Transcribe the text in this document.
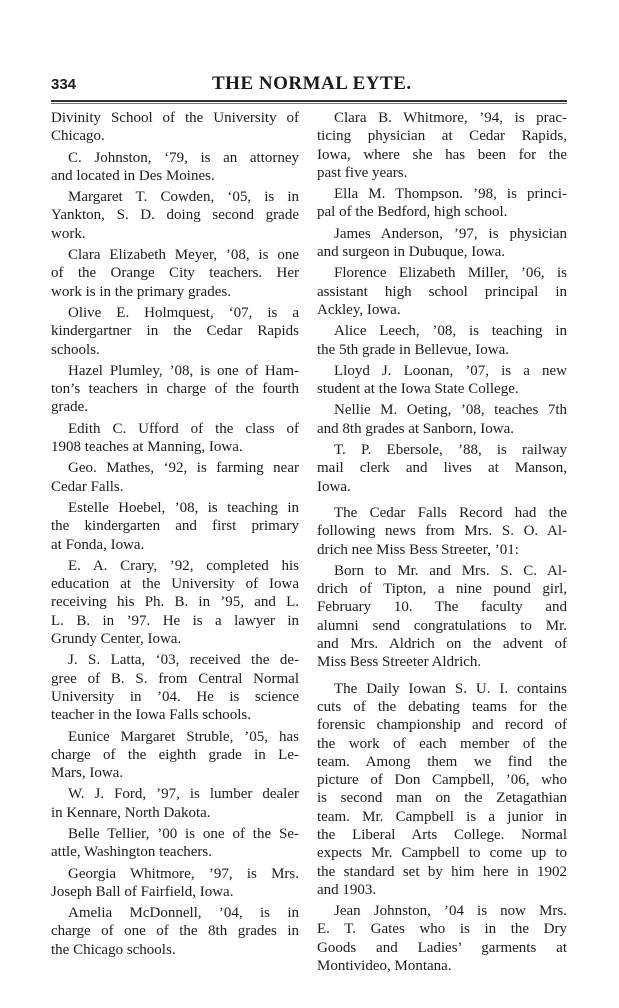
334	THE NORMAL EYTE.
Divinity School of the University of
Chicago.
C. Johnston, ‘79, is an attorney
and located in Des Moines.
Margaret T. Cowden, ‘05, is in
Yankton, S. D. doing second grade
work.
Clara Elizabeth Meyer, ’08, is one
of the Orange City teachers. Her
work is in the primary grades.
Olive E. Holmquest, ‘07, is a
kindergartner in the Cedar Rapids
schools.
Hazel Plumley, ’08, is one of Ham-
ton’s teachers in charge of the fourth
grade.
Edith C. Ufford of the class of
1908 teaches at Manning, Iowa.
Geo. Mathes, ‘92, is farming near
Cedar Falls.
Estelle Hoebel, ’08, is teaching in
the kindergarten and first primary
at Fonda, Iowa.
E. A. Crary, ’92, completed his
education at the University of Iowa
receiving his Ph. B. in ’95, and L.
L. B. in ’97. He is a lawyer in
Grundy Center, Iowa.
J. S. Latta, ‘03, received the de-
gree of B. S. from Central Normal
University in ’04. He is science
teacher in the Iowa Falls schools.
Eunice Margaret Struble, ’05, has
charge of the eighth grade in Le-
Mars, Iowa.
W. J. Ford, ’97, is lumber dealer
in Kennare, North Dakota.
Belle Tellier, ’00 is one of the Se-
attle, Washington teachers.
Georgia Whitmore, ’97, is Mrs.
Joseph Ball of Fairfield, Iowa.
Amelia McDonnell, ’04, is in
charge of one of the 8th grades in
the Chicago schools.
Clara B. Whitmore, ’94, is prac-
ticing physician at Cedar Rapids,
Iowa, where she has been for the
past five years.
Ella M. Thompson. ’98, is princi-
pal of the Bedford, high school.
James Anderson, ’97, is physician
and surgeon in Dubuque, Iowa.
Florence Elizabeth Miller, ’06, is
assistant high school principal in
Ackley, Iowa.
Alice Leech, ’08, is teaching in
the 5th grade in Bellevue, Iowa.
Lloyd J. Loonan, ’07, is a new
student at the Iowa State College.
Nellie M. Oeting, ’08, teaches 7th
and 8th grades at Sanborn, Iowa.
T. P. Ebersole, ’88, is railway
mail clerk and lives at Manson,
Iowa.
The Cedar Falls Record had the
following news from Mrs. S. O. Al-
drich nee Miss Bess Streeter, ’01:
Born to Mr. and Mrs. S. C. Al-
drich of Tipton, a nine pound girl,
February 10. The faculty and
alumni send congratulations to Mr.
and Mrs. Aldrich on the advent of
Miss Bess Streeter Aldrich.
The Daily Iowan S. U. I. contains
cuts of the debating teams for the
forensic championship and record of
the work of each member of the
team. Among them we find the
picture of Don Campbell, ’06, who
is second man on the Zetagathian
team. Mr. Campbell is a junior in
the Liberal Arts College. Normal
expects Mr. Campbell to come up to
the standard set by him here in 1902
and 1903.
Jean Johnston, ’04 is now Mrs.
E. T. Gates who is in the Dry
Goods and Ladies’ garments at
Montivideo, Montana.
